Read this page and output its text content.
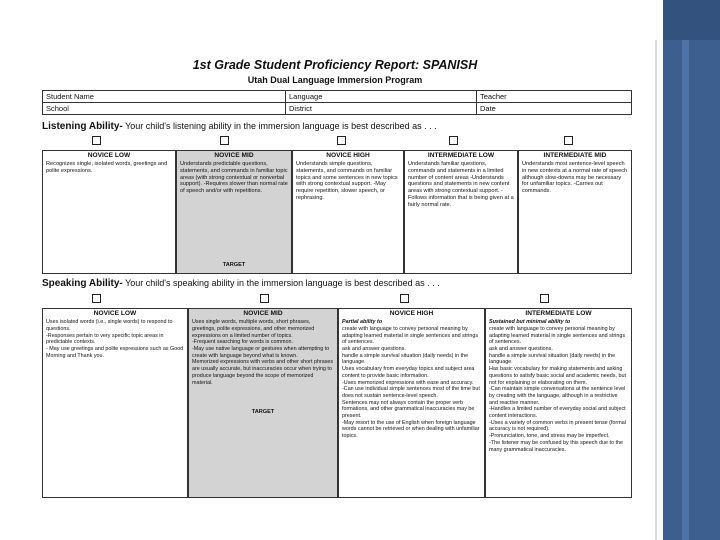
1st Grade Student Proficiency Report: SPANISH
Utah Dual Language Immersion Program
Student Name	Language	Teacher
School	District	Date
Listening Ability- Your child's listening ability in the immersion language is best described as . . .
NOVICE LOW
Recognizes single, isolated words, greetings and polite expressions.
NOVICE MID
Understands predictable questions, statements, and commands in familiar topic areas (with strong contextual or nonverbal support). -Requires slower than normal rate of speech and/or with repetitions.
TARGET
NOVICE HIGH
Understands simple questions, statements, and commands on familiar topics and some sentences in new topics with strong contextual support. -May require repetition, slower speech, or rephrasing.
INTERMEDIATE LOW
Understands familiar questions, commands and statements in a limited number of content areas -Understands questions and statements in new content areas with strong contextual support. -Follows information that is being given at a fairly normal rate.
INTERMEDIATE MID
Understands most sentence-level speech in new contexts at a normal rate of speech although slow-downs may be necessary for unfamiliar topics. -Carries out commands.
Speaking Ability- Your child's speaking ability in the immersion language is best described as . . .
NOVICE LOW
Uses isolated words (i.e., single words) to respond to questions.
-Responses pertain to very specific topic areas in predictable contexts.
- May use greetings and polite expressions such as Good Morning and Thank you.
NOVICE MID
Uses single words, multiple words, short phrases, greetings, polite expressions, and other memorized expressions on a limited number of topics.
-Frequent searching for words is common.
-May use native language or gestures when attempting to create with language beyond what is known.
Memorized expressions with verbs and other short phrases are usually accurate, but inaccuracies occur when trying to produce language beyond the scope of memorized material.
TARGET
NOVICE HIGH
Partial ability to
create with language to convey personal meaning by adapting learned material in single sentences and strings of sentences.
ask and answer questions.
handle a simple survival situation (daily needs) in the language.
Uses vocabulary from everyday topics and subject area content to provide basic information.
-Uses memorized expressions with ease and accuracy.
-Can use individual simple sentences most of the time but does not sustain sentence-level speech.
Sentences may not always contain the proper verb formations, and other grammatical inaccuracies may be present.
-May resort to the use of English when foreign language words cannot be retrieved or when dealing with unfamiliar topics.
INTERMEDIATE LOW
Sustained but minimal ability to
create with language to convey personal meaning by adapting learned material in single sentences and strings of sentences.
ask and answer questions.
handle a simple survival situation (daily needs) in the language.
Has basic vocabulary for making statements and asking questions to satisfy basic social and academic needs, but not for explaining or elaborating on them.
-Can maintain simple conversations at the sentence level by creating with the language, although in a restrictive and reactive manner.
-Handles a limited number of everyday social and subject content interactions.
-Uses a variety of common verbs in present tense (formal accuracy is not required).
-Pronunciation, tone, and stress may be imperfect.
-The listener may be confused by this speech due to the many grammatical inaccuracies.
